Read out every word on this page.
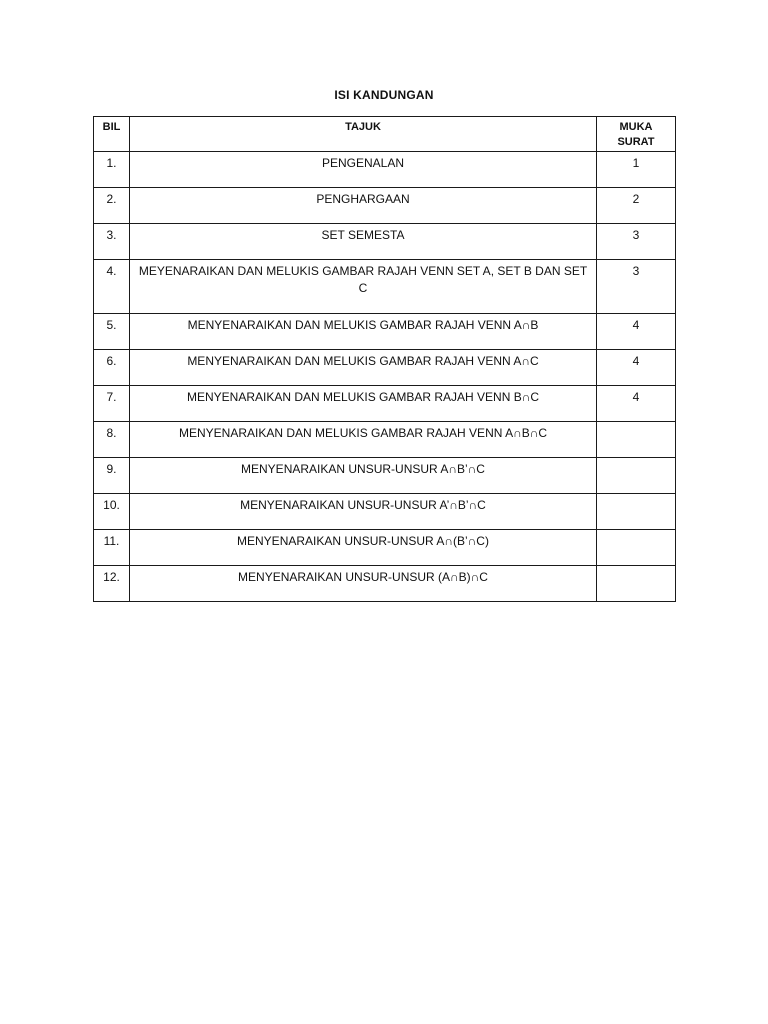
ISI KANDUNGAN
BIL	TAJUK	MUKA SURAT
1.	PENGENALAN	1
2.	PENGHARGAAN	2
3.	SET SEMESTA	3
4.	MEYENARAIKAN DAN MELUKIS GAMBAR RAJAH VENN SET A, SET B DAN SET C	3
5.	MENYENARAIKAN DAN MELUKIS GAMBAR RAJAH VENN A∩B	4
6.	MENYENARAIKAN DAN MELUKIS GAMBAR RAJAH VENN A∩C	4
7.	MENYENARAIKAN DAN MELUKIS GAMBAR RAJAH VENN B∩C	4
8.	MENYENARAIKAN DAN MELUKIS GAMBAR RAJAH VENN A∩B∩C	
9.	MENYENARAIKAN UNSUR-UNSUR A∩B’∩C	
10.	MENYENARAIKAN UNSUR-UNSUR A’∩B’∩C	
11.	MENYENARAIKAN UNSUR-UNSUR A∩(B’∩C)	
12.	MENYENARAIKAN UNSUR-UNSUR (A∩B)∩C	
